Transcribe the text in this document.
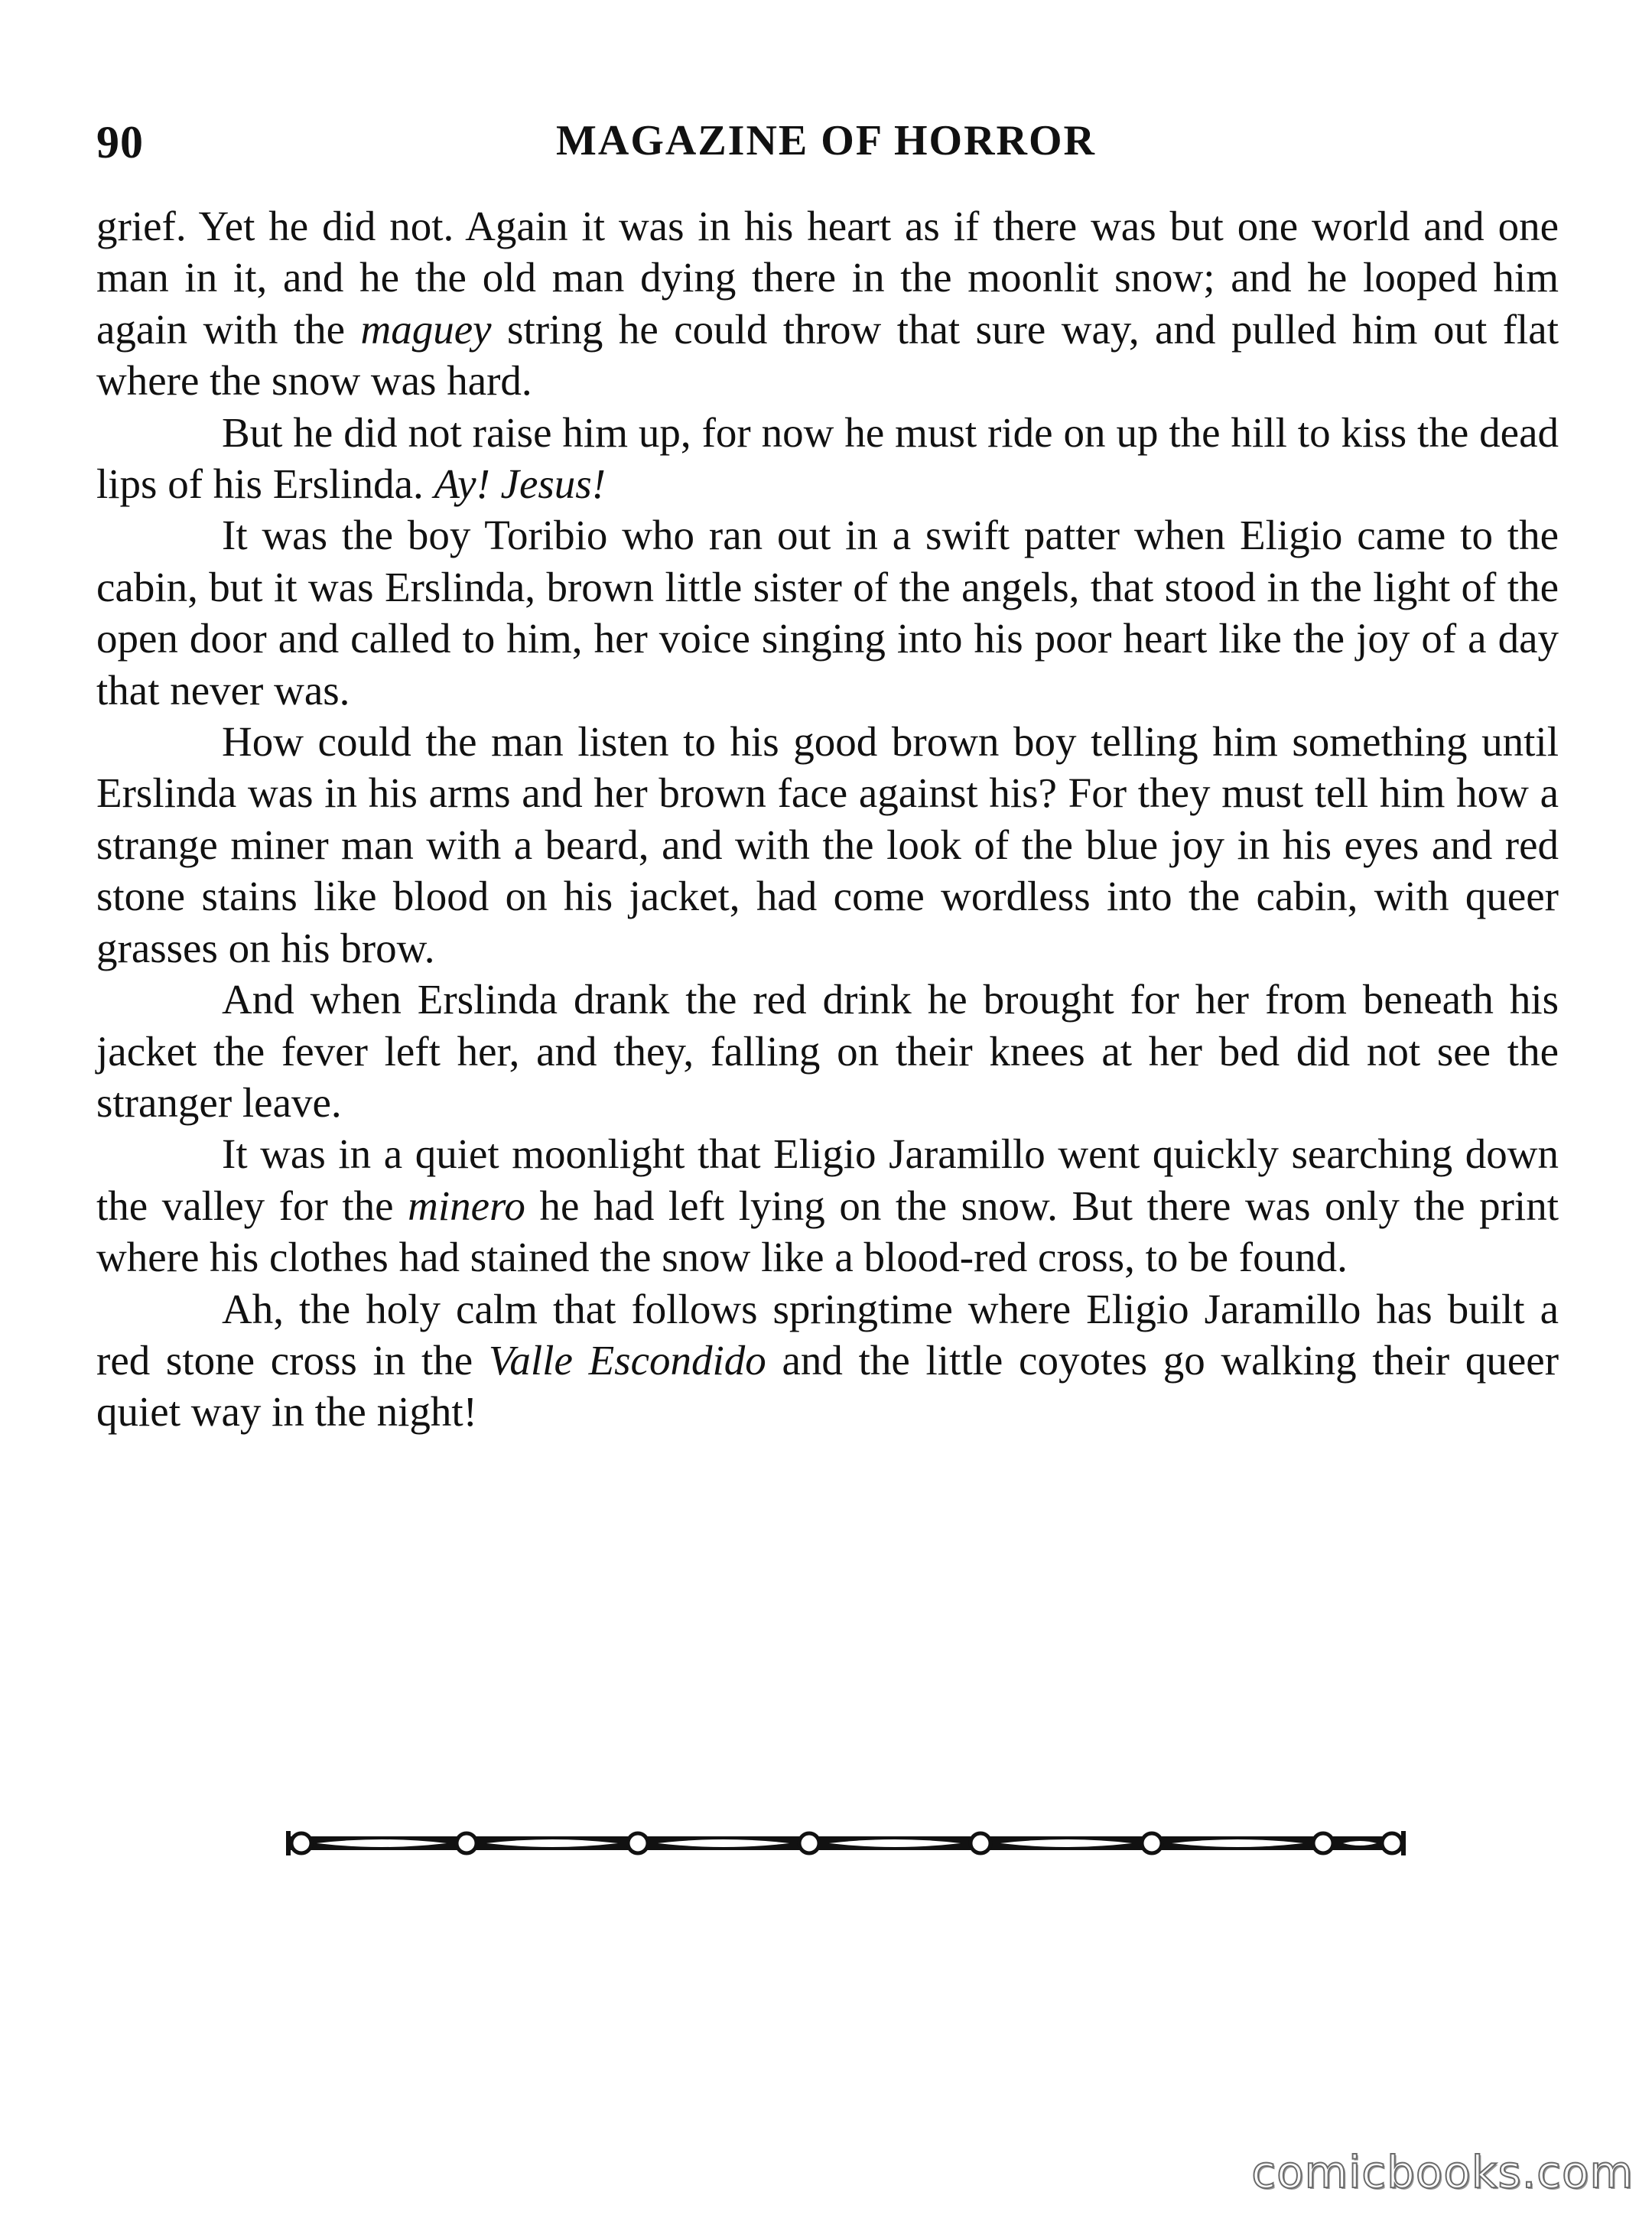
90	MAGAZINE OF HORROR

grief. Yet he did not. Again it was in his heart as if there was but one world and one man in it, and he the old man dying there in the moonlit snow; and he looped him again with the maguey string he could throw that sure way, and pulled him out flat where the snow was hard.

But he did not raise him up, for now he must ride on up the hill to kiss the dead lips of his Erslinda. Ay! Jesus!

It was the boy Toribio who ran out in a swift patter when Eligio came to the cabin, but it was Erslinda, brown little sister of the angels, that stood in the light of the open door and called to him, her voice singing into his poor heart like the joy of a day that never was.

How could the man listen to his good brown boy telling him something until Erslinda was in his arms and her brown face against his? For they must tell him how a strange miner man with a beard, and with the look of the blue joy in his eyes and red stone stains like blood on his jacket, had come wordless into the cabin, with queer grasses on his brow.

And when Erslinda drank the red drink he brought for her from beneath his jacket the fever left her, and they, falling on their knees at her bed did not see the stranger leave.

It was in a quiet moonlight that Eligio Jaramillo went quickly searching down the valley for the minero he had left lying on the snow. But there was only the print where his clothes had stained the snow like a blood-red cross, to be found.

Ah, the holy calm that follows springtime where Eligio Jaramillo has built a red stone cross in the Valle Escondido and the little coyotes go walking their queer quiet way in the night!

comicbooks.com
